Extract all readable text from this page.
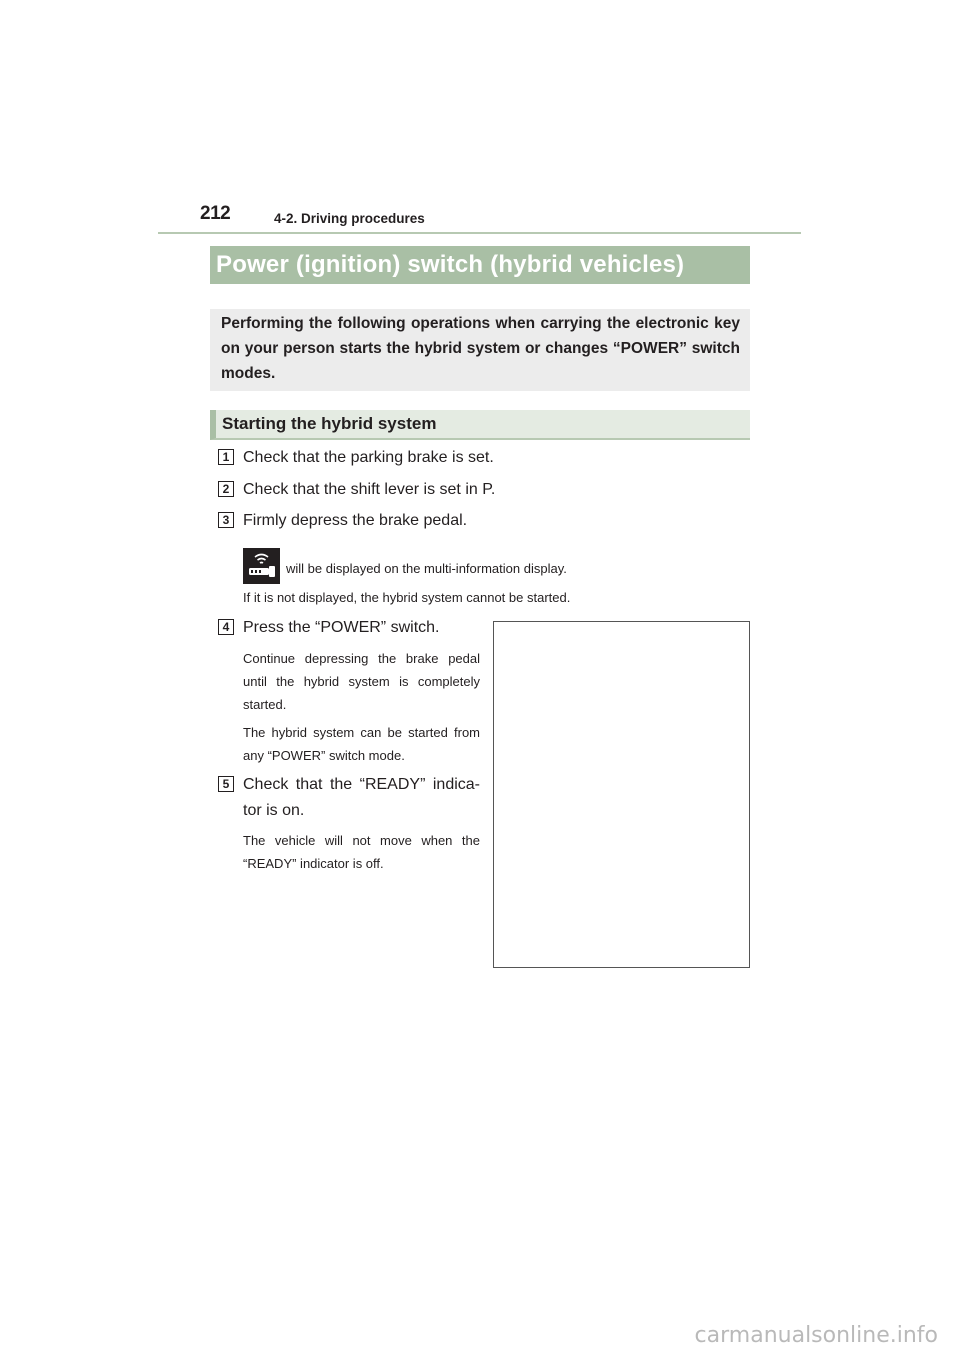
212	4-2. Driving procedures
Power (ignition) switch (hybrid vehicles)
Performing the following operations when carrying the electronic key on your person starts the hybrid system or changes “POWER” switch modes.
Starting the hybrid system
1 Check that the parking brake is set.
2 Check that the shift lever is set in P.
3 Firmly depress the brake pedal.
will be displayed on the multi-information display.
If it is not displayed, the hybrid system cannot be started.
4 Press the “POWER” switch.
Continue depressing the brake pedal until the hybrid system is completely started.
The hybrid system can be started from any “POWER” switch mode.
5 Check that the “READY” indica-tor is on.
The vehicle will not move when the “READY” indicator is off.
carmanualsonline.info
